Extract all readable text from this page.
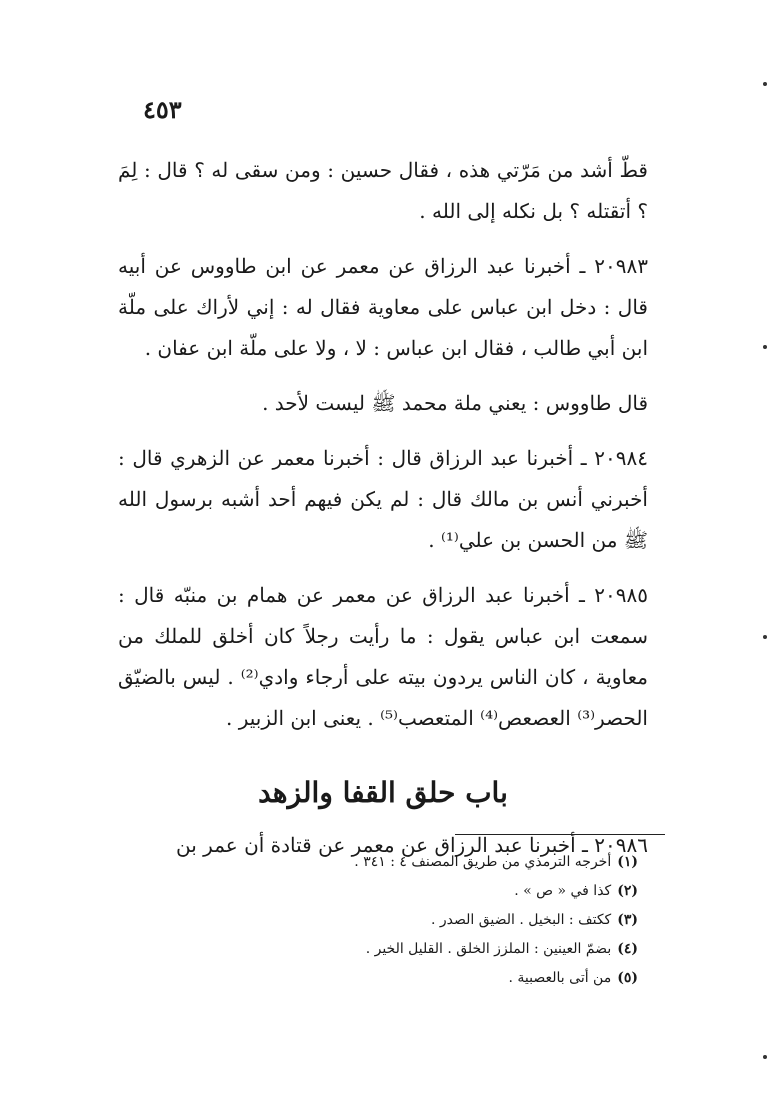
٤٥٣

قطّ أشد من مَرّتي هذه ، فقال حسين : ومن سقى له ؟ قال : لِمَ ؟ أتقتله ؟ بل نكله إلى الله .

٢٠٩٨٣ ـ أخبرنا عبد الرزاق عن معمر عن ابن طاووس عن أبيه قال : دخل ابن عباس على معاوية فقال له : إني لأراك على ملّة ابن أبي طالب ، فقال ابن عباس : لا ، ولا على ملّة ابن عفان .

قال طاووس : يعني ملة محمد ﷺ ليست لأحد .

٢٠٩٨٤ ـ أخبرنا عبد الرزاق قال : أخبرنا معمر عن الزهري قال : أخبرني أنس بن مالك قال : لم يكن فيهم أحد أشبه برسول الله ﷺ من الحسن بن علي⁽¹⁾ .

٢٠٩٨٥ ـ أخبرنا عبد الرزاق عن معمر عن همام بن منبّه قال : سمعت ابن عباس يقول : ما رأيت رجلاً كان أخلق للملك من معاوية ، كان الناس يردون بيته على أرجاء وادي⁽²⁾ . ليس بالضيّق الحصر⁽³⁾ العصعص⁽⁴⁾ المتعصب⁽⁵⁾ . يعنى ابن الزبير .

باب حلق القفا والزهد

٢٠٩٨٦ ـ أخبرنا عبد الرزاق عن معمر عن قتادة أن عمر بن

(١)أخرجه الترمذي من طريق المصنف ٤ : ٣٤١ .
(٢)كذا في « ص » .
(٣)ككتف : البخيل . الضيق الصدر .
(٤)بضمّ العينين : الملزز الخلق . القليل الخير .
(٥)من أتى بالعصبية .
